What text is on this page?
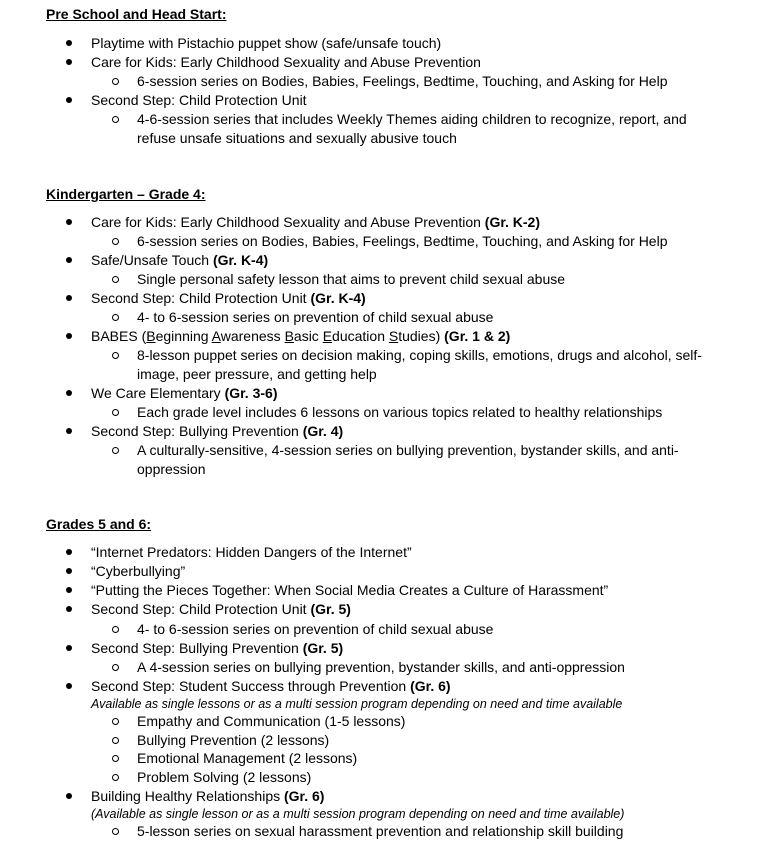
Pre School and Head Start:
Playtime with Pistachio puppet show (safe/unsafe touch)
Care for Kids: Early Childhood Sexuality and Abuse Prevention
6-session series on Bodies, Babies, Feelings, Bedtime, Touching, and Asking for Help
Second Step: Child Protection Unit
4-6-session series that includes Weekly Themes aiding children to recognize, report, and refuse unsafe situations and sexually abusive touch
Kindergarten – Grade 4:
Care for Kids: Early Childhood Sexuality and Abuse Prevention (Gr. K-2)
6-session series on Bodies, Babies, Feelings, Bedtime, Touching, and Asking for Help
Safe/Unsafe Touch (Gr. K-4)
Single personal safety lesson that aims to prevent child sexual abuse
Second Step: Child Protection Unit (Gr. K-4)
4- to 6-session series on prevention of child sexual abuse
BABES (Beginning Awareness Basic Education Studies) (Gr. 1 & 2)
8-lesson puppet series on decision making, coping skills, emotions, drugs and alcohol, self-image, peer pressure, and getting help
We Care Elementary (Gr. 3-6)
Each grade level includes 6 lessons on various topics related to healthy relationships
Second Step: Bullying Prevention (Gr. 4)
A culturally-sensitive, 4-session series on bullying prevention, bystander skills, and anti-oppression
Grades 5 and 6:
“Internet Predators: Hidden Dangers of the Internet”
“Cyberbullying”
“Putting the Pieces Together: When Social Media Creates a Culture of Harassment”
Second Step: Child Protection Unit (Gr. 5)
4- to 6-session series on prevention of child sexual abuse
Second Step: Bullying Prevention (Gr. 5)
A 4-session series on bullying prevention, bystander skills, and anti-oppression
Second Step: Student Success through Prevention (Gr. 6)
Available as single lessons or as a multi session program depending on need and time available
Empathy and Communication (1-5 lessons)
Bullying Prevention (2 lessons)
Emotional Management (2 lessons)
Problem Solving (2 lessons)
Building Healthy Relationships (Gr. 6)
(Available as single lesson or as a multi session program depending on need and time available)
5-lesson series on sexual harassment prevention and relationship skill building
